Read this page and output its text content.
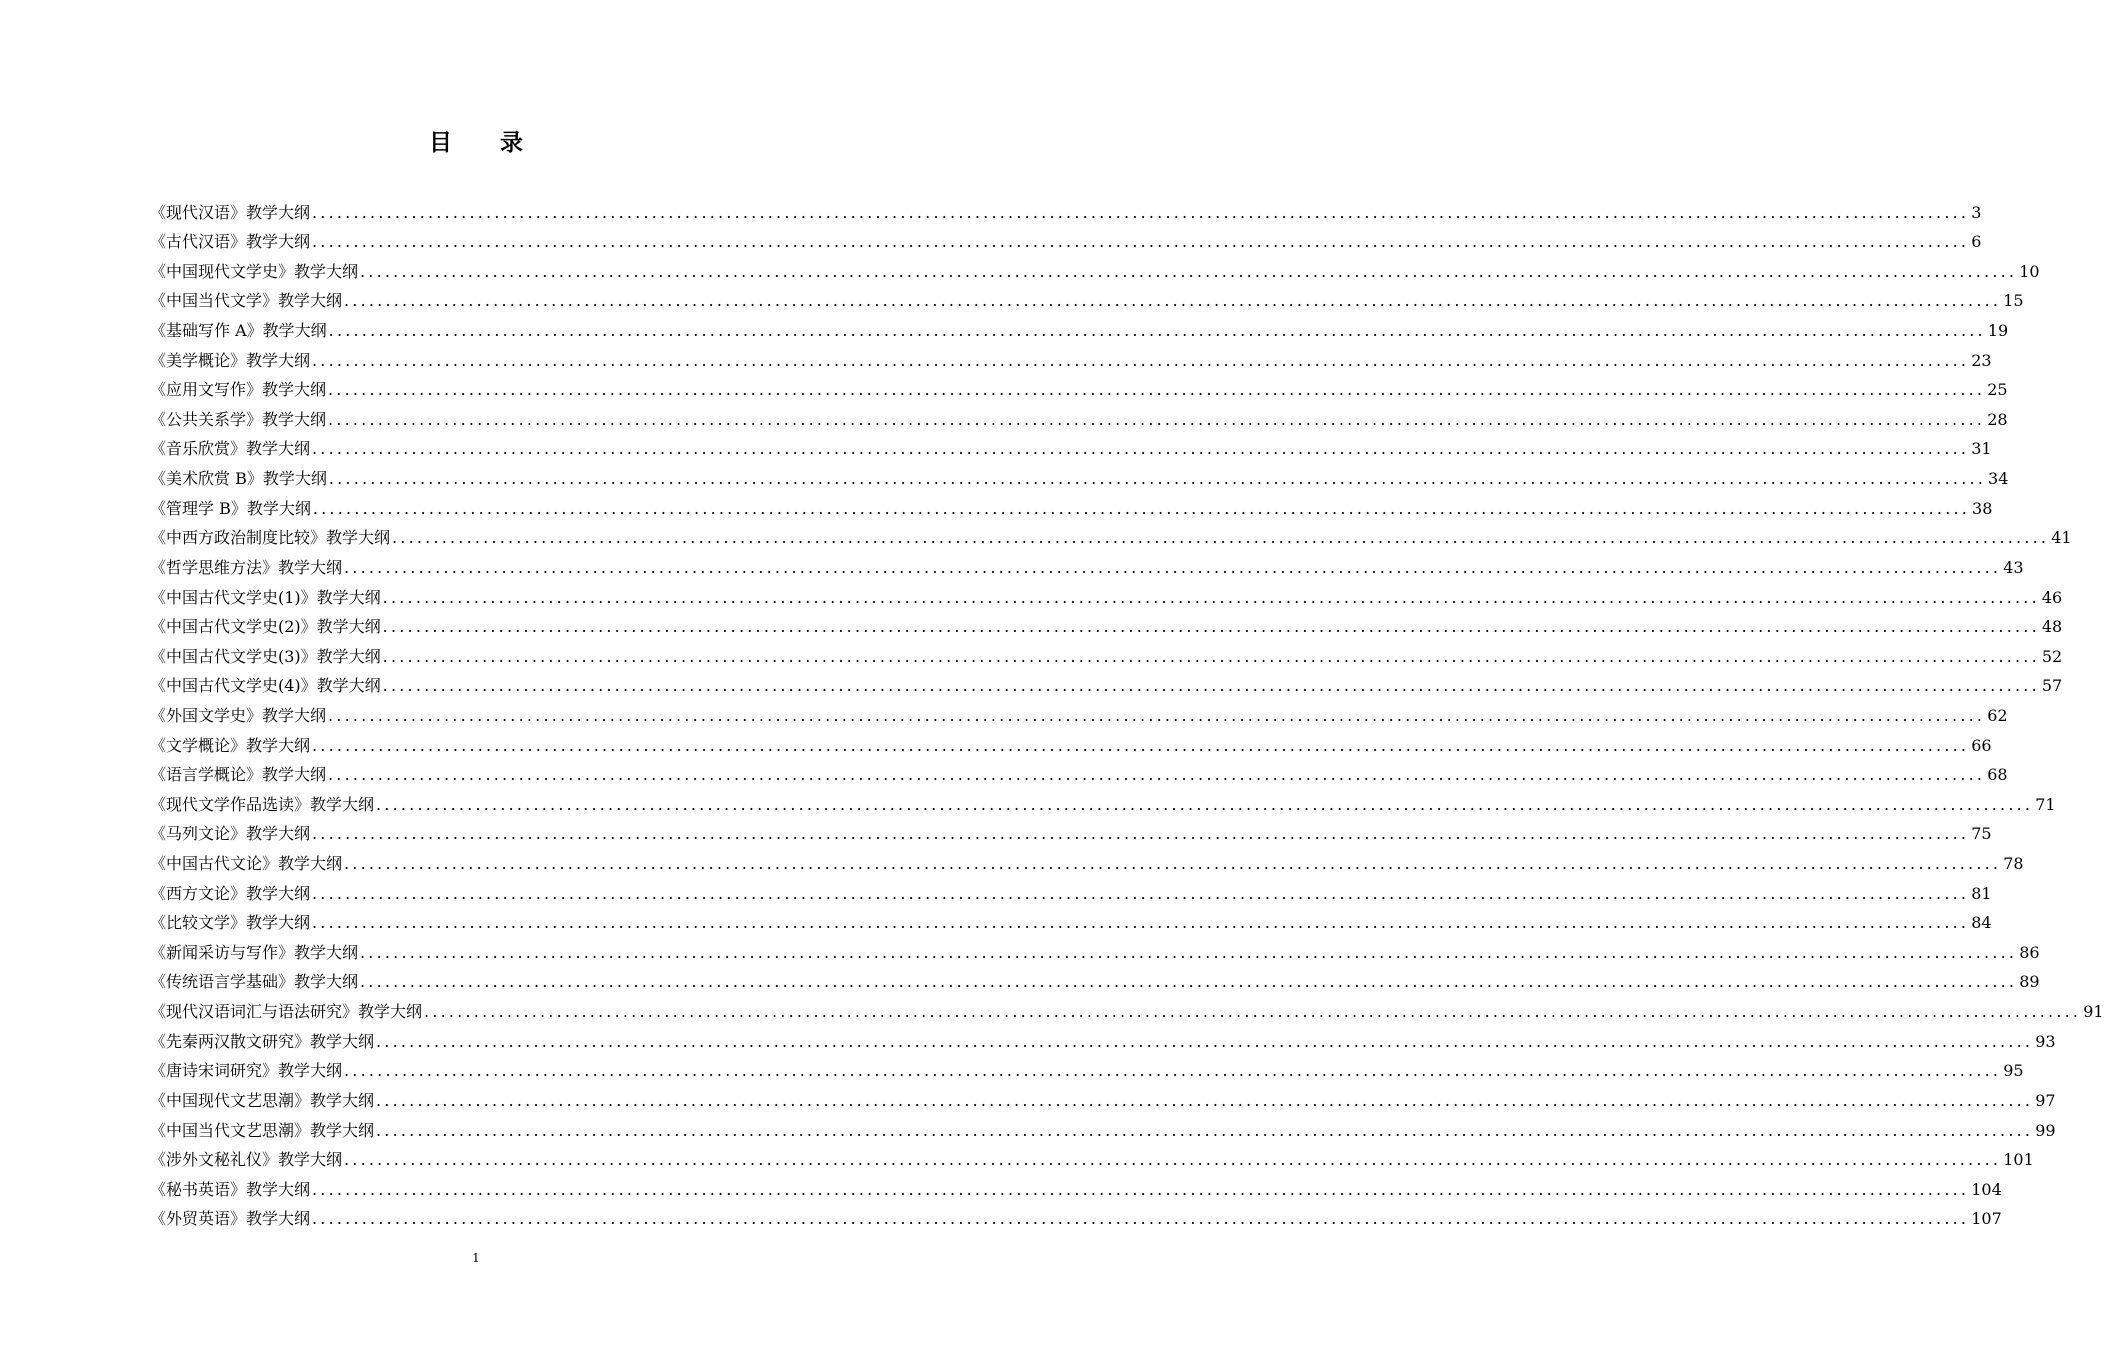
目 录
《现代汉语》教学大纲 ........................................................................................................................................................................................................ 3
《古代汉语》教学大纲 ........................................................................................................................................................................................................ 6
《中国现代文学史》教学大纲 ........................................................................................................................................................................................................ 10
《中国当代文学》教学大纲 ........................................................................................................................................................................................................ 15
《基础写作 A》教学大纲 ........................................................................................................................................................................................................ 19
《美学概论》教学大纲 ........................................................................................................................................................................................................ 23
《应用文写作》教学大纲 ........................................................................................................................................................................................................ 25
《公共关系学》教学大纲 ........................................................................................................................................................................................................ 28
《音乐欣赏》教学大纲 ........................................................................................................................................................................................................ 31
《美术欣赏 B》教学大纲 ........................................................................................................................................................................................................ 34
《管理学 B》教学大纲 ........................................................................................................................................................................................................ 38
《中西方政治制度比较》教学大纲 ........................................................................................................................................................................................................ 41
《哲学思维方法》教学大纲 ........................................................................................................................................................................................................ 43
《中国古代文学史(1)》教学大纲 ........................................................................................................................................................................................................ 46
《中国古代文学史(2)》教学大纲 ........................................................................................................................................................................................................ 48
《中国古代文学史(3)》教学大纲 ........................................................................................................................................................................................................ 52
《中国古代文学史(4)》教学大纲 ........................................................................................................................................................................................................ 57
《外国文学史》教学大纲 ........................................................................................................................................................................................................ 62
《文学概论》教学大纲 ........................................................................................................................................................................................................ 66
《语言学概论》教学大纲 ........................................................................................................................................................................................................ 68
《现代文学作品选读》教学大纲 ........................................................................................................................................................................................................ 71
《马列文论》教学大纲 ........................................................................................................................................................................................................ 75
《中国古代文论》教学大纲 ........................................................................................................................................................................................................ 78
《西方文论》教学大纲 ........................................................................................................................................................................................................ 81
《比较文学》教学大纲 ........................................................................................................................................................................................................ 84
《新闻采访与写作》教学大纲 ........................................................................................................................................................................................................ 86
《传统语言学基础》教学大纲 ........................................................................................................................................................................................................ 89
《现代汉语词汇与语法研究》教学大纲 ........................................................................................................................................................................................................ 91
《先秦两汉散文研究》教学大纲 ........................................................................................................................................................................................................ 93
《唐诗宋词研究》教学大纲 ........................................................................................................................................................................................................ 95
《中国现代文艺思潮》教学大纲 ........................................................................................................................................................................................................ 97
《中国当代文艺思潮》教学大纲 ........................................................................................................................................................................................................ 99
《涉外文秘礼仪》教学大纲 ........................................................................................................................................................................................................ 101
《秘书英语》教学大纲 ........................................................................................................................................................................................................ 104
《外贸英语》教学大纲 ........................................................................................................................................................................................................ 107
1
